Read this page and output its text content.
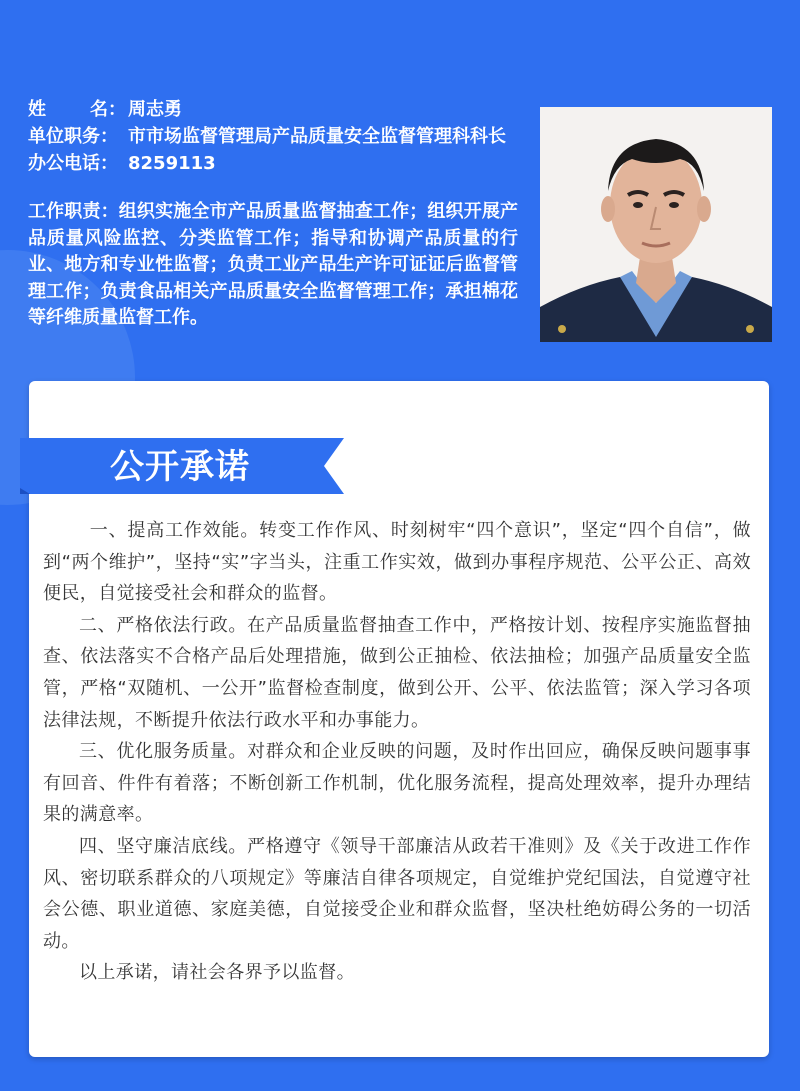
姓 名： 周志勇
单位职务： 市市场监督管理局产品质量安全监督管理科科长
办公电话： 8259113
工作职责：组织实施全市产品质量监督抽查工作；组织开展产品质量风险监控、分类监管工作；指导和协调产品质量的行业、地方和专业性监督；负责工业产品生产许可证证后监督管理工作；负责食品相关产品质量安全监督管理工作；承担棉花等纤维质量监督工作。
公开承诺

一、提高工作效能。转变工作作风、时刻树牢“四个意识”，坚定“四个自信”，做到“两个维护”，坚持“实”字当头，注重工作实效，做到办事程序规范、公平公正、高效便民，自觉接受社会和群众的监督。

二、严格依法行政。在产品质量监督抽查工作中，严格按计划、按程序实施监督抽查、依法落实不合格产品后处理措施，做到公正抽检、依法抽检；加强产品质量安全监管，严格“双随机、一公开”监督检查制度，做到公开、公平、依法监管；深入学习各项法律法规，不断提升依法行政水平和办事能力。

三、优化服务质量。对群众和企业反映的问题，及时作出回应，确保反映问题事事有回音、件件有着落；不断创新工作机制，优化服务流程，提高处理效率，提升办理结果的满意率。

四、坚守廉洁底线。严格遵守《领导干部廉洁从政若干准则》及《关于改进工作作风、密切联系群众的八项规定》等廉洁自律各项规定，自觉维护党纪国法，自觉遵守社会公德、职业道德、家庭美德，自觉接受企业和群众监督，坚决杜绝妨碍公务的一切活动。

以上承诺，请社会各界予以监督。
